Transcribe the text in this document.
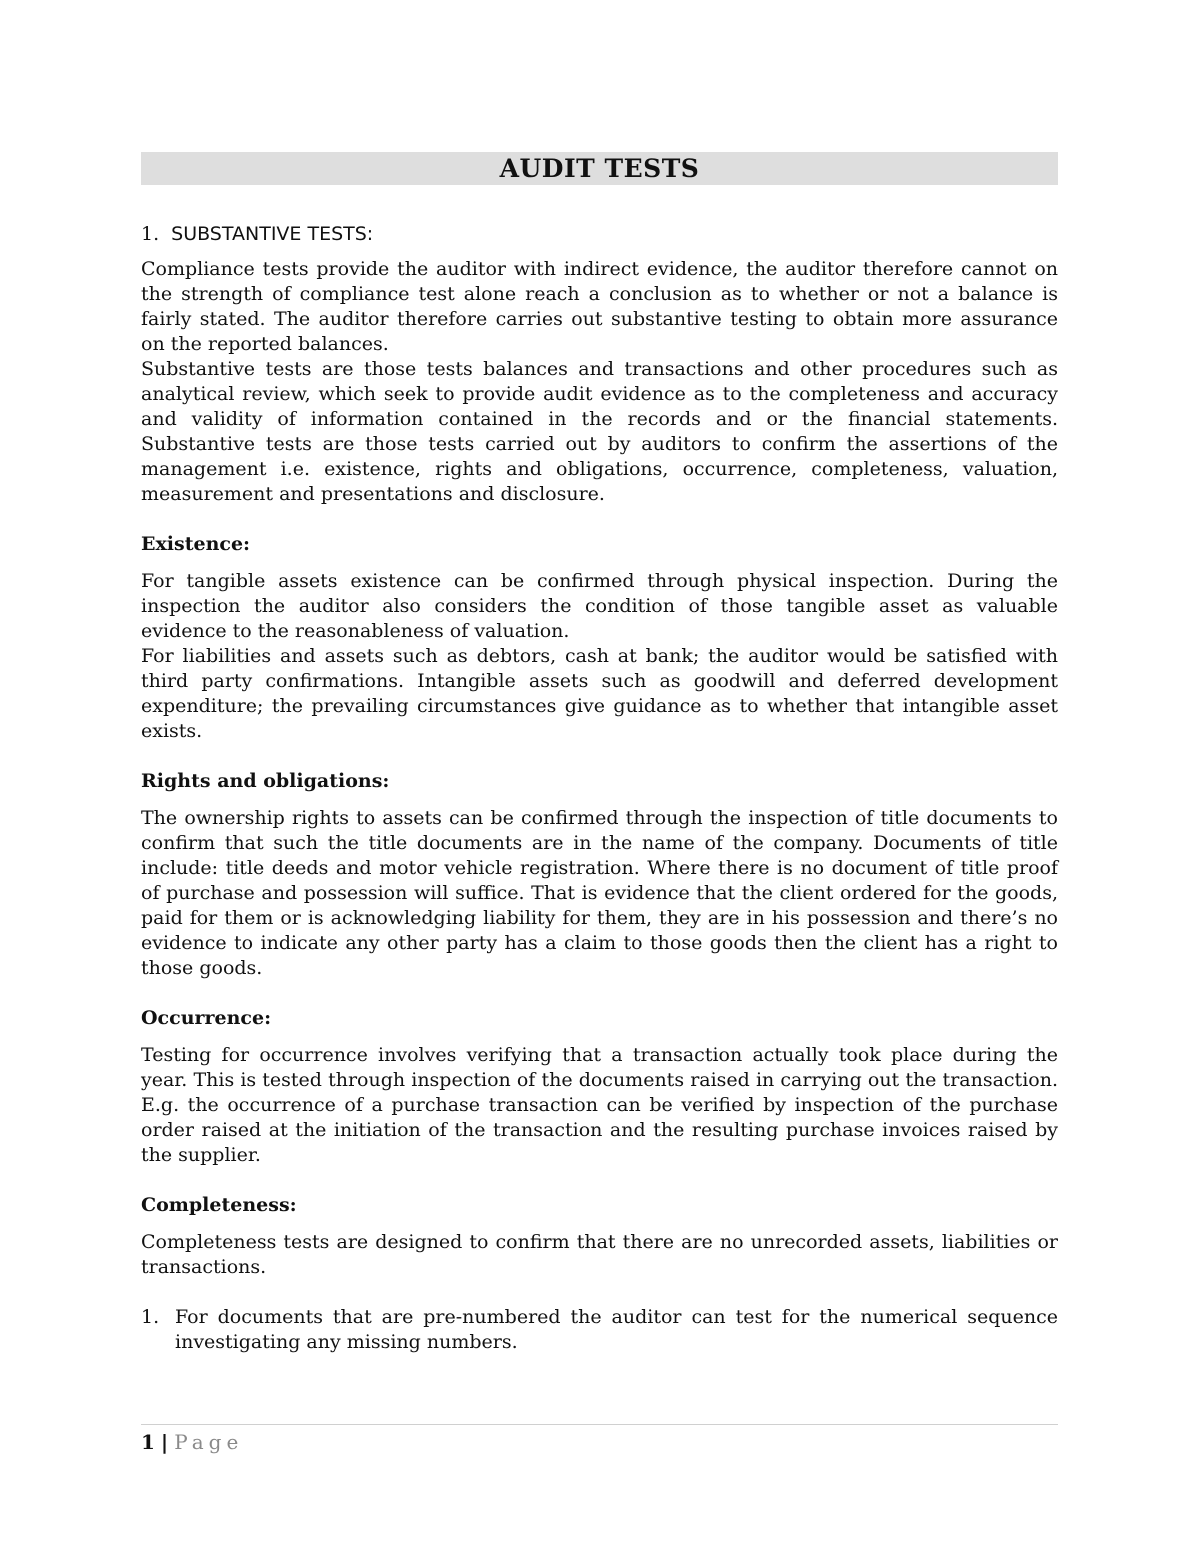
AUDIT TESTS
1. SUBSTANTIVE TESTS:

Compliance tests provide the auditor with indirect evidence, the auditor therefore cannot on the strength of compliance test alone reach a conclusion as to whether or not a balance is fairly stated. The auditor therefore carries out substantive testing to obtain more assurance on the reported balances.

Substantive tests are those tests balances and transactions and other procedures such as analytical review, which seek to provide audit evidence as to the completeness and accuracy and validity of information contained in the records and or the financial statements. Substantive tests are those tests carried out by auditors to confirm the assertions of the management i.e. existence, rights and obligations, occurrence, completeness, valuation, measurement and presentations and disclosure.

Existence:

For tangible assets existence can be confirmed through physical inspection. During the inspection the auditor also considers the condition of those tangible asset as valuable evidence to the reasonableness of valuation.

For liabilities and assets such as debtors, cash at bank; the auditor would be satisfied with third party confirmations. Intangible assets such as goodwill and deferred development expenditure; the prevailing circumstances give guidance as to whether that intangible asset exists.

Rights and obligations:

The ownership rights to assets can be confirmed through the inspection of title documents to confirm that such the title documents are in the name of the company. Documents of title include: title deeds and motor vehicle registration. Where there is no document of title proof of purchase and possession will suffice. That is evidence that the client ordered for the goods, paid for them or is acknowledging liability for them, they are in his possession and there’s no evidence to indicate any other party has a claim to those goods then the client has a right to those goods.

Occurrence:

Testing for occurrence involves verifying that a transaction actually took place during the year. This is tested through inspection of the documents raised in carrying out the transaction. E.g. the occurrence of a purchase transaction can be verified by inspection of the purchase order raised at the initiation of the transaction and the resulting purchase invoices raised by the supplier.

Completeness:

Completeness tests are designed to confirm that there are no unrecorded assets, liabilities or transactions.

1. For documents that are pre-numbered the auditor can test for the numerical sequence investigating any missing numbers.
1 | Page
